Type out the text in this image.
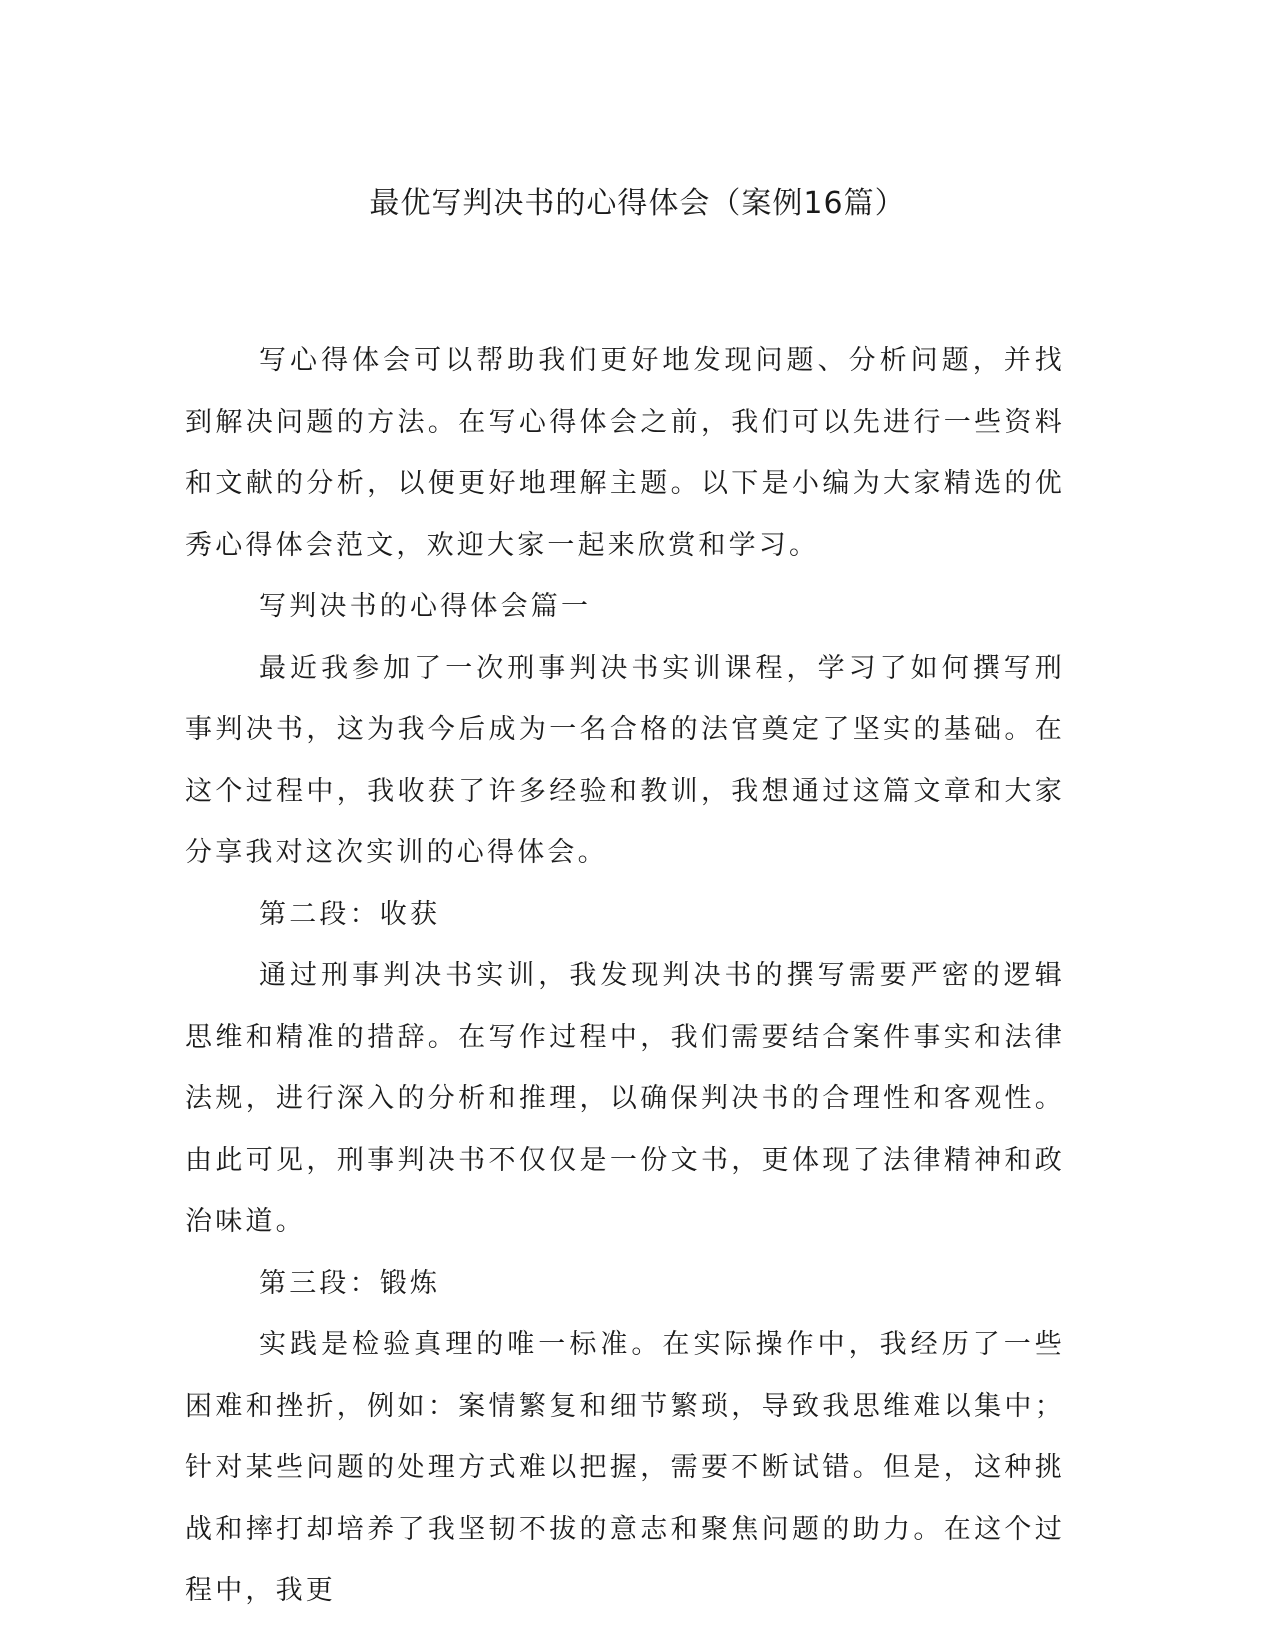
最优写判决书的心得体会（案例16篇）

写心得体会可以帮助我们更好地发现问题、分析问题，并找到解决问题的方法。在写心得体会之前，我们可以先进行一些资料和文献的分析，以便更好地理解主题。以下是小编为大家精选的优秀心得体会范文，欢迎大家一起来欣赏和学习。

写判决书的心得体会篇一

最近我参加了一次刑事判决书实训课程，学习了如何撰写刑事判决书，这为我今后成为一名合格的法官奠定了坚实的基础。在这个过程中，我收获了许多经验和教训，我想通过这篇文章和大家分享我对这次实训的心得体会。

第二段：收获

通过刑事判决书实训，我发现判决书的撰写需要严密的逻辑思维和精准的措辞。在写作过程中，我们需要结合案件事实和法律法规，进行深入的分析和推理，以确保判决书的合理性和客观性。由此可见，刑事判决书不仅仅是一份文书，更体现了法律精神和政治味道。

第三段：锻炼

实践是检验真理的唯一标准。在实际操作中，我经历了一些困难和挫折，例如：案情繁复和细节繁琐，导致我思维难以集中；针对某些问题的处理方式难以把握，需要不断试错。但是，这种挑战和摔打却培养了我坚韧不拔的意志和聚焦问题的助力。在这个过程中，我更
